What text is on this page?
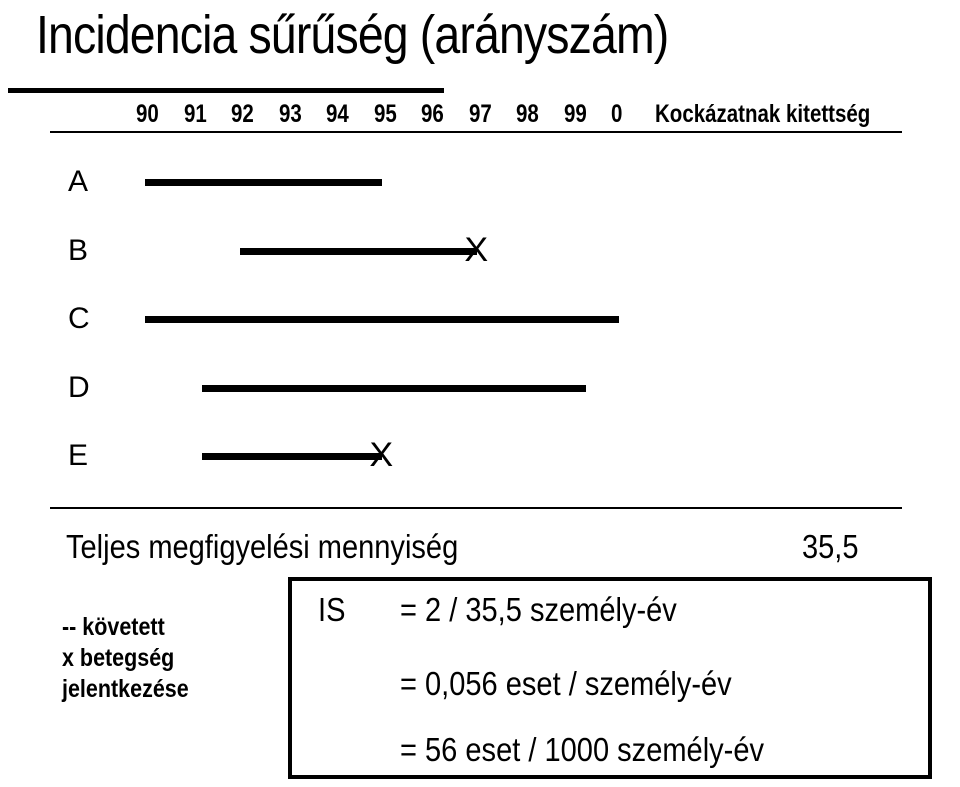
Incidencia sűrűség (arányszám)
90 91 92 93 94 95 96 97 98 99 0 Kockázatnak kitettség
A
B	X
C
D
E	X
Teljes megfigyelési mennyiség	35,5
-- követett
x betegség
jelentkezése
IS = 2 / 35,5 személy-év
= 0,056 eset / személy-év
= 56 eset / 1000 személy-év
